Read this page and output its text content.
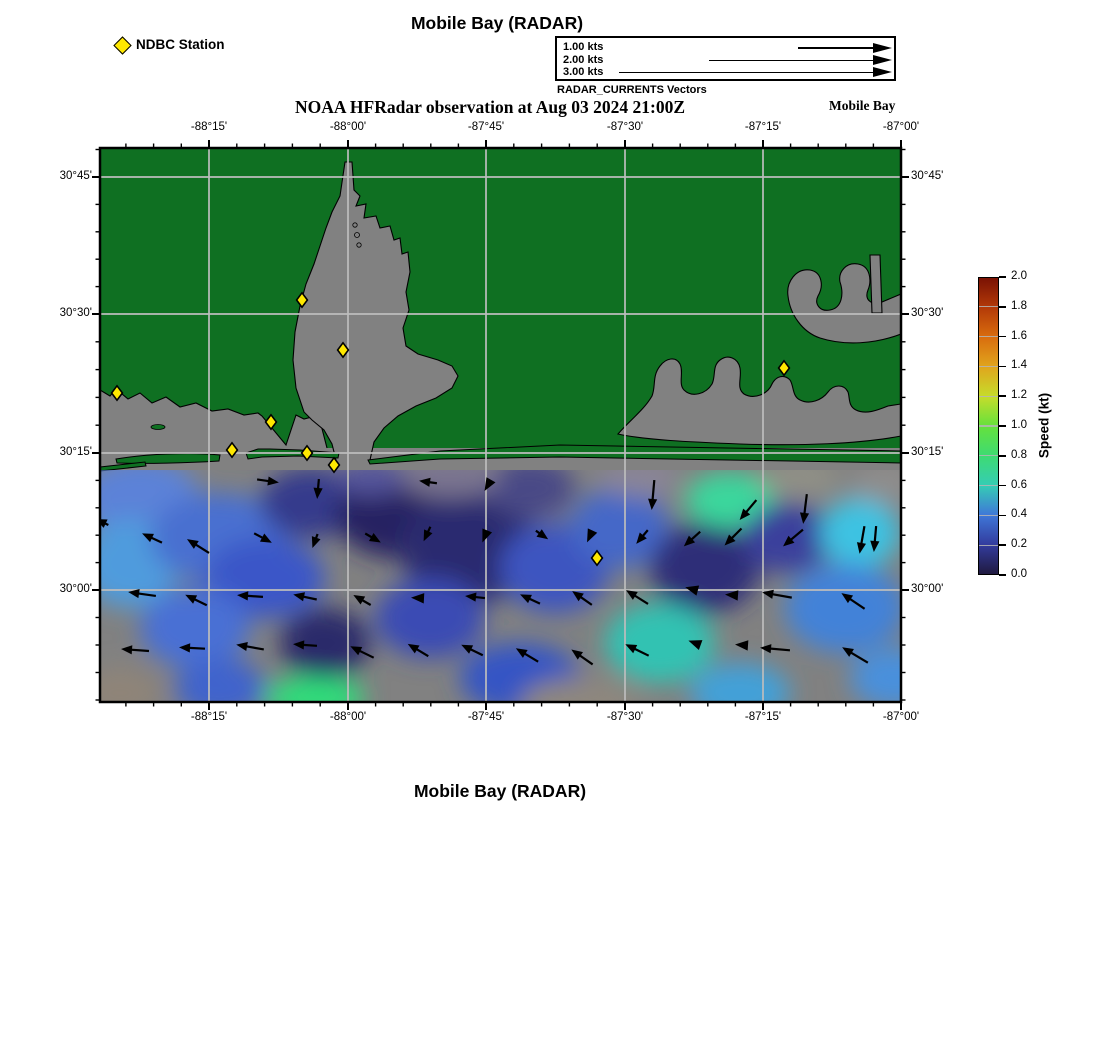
Mobile Bay (RADAR)
NDBC Station	1.00 kts
2.00 kts
3.00 kts
RADAR_CURRENTS Vectors
NOAA HFRadar observation at Aug 03 2024 21:00Z	Mobile Bay
Speed (kt)
Mobile Bay (RADAR)
-88°15'
-88°15'
-88°00'
-88°00'
-87°45'
-87°45'
-87°30'
-87°30'
-87°15'
-87°15'
-87°00'
-87°00'
30°45'	30°45'
30°30'	30°30'
30°15'	30°15'
30°00'	30°00'
2.0
1.8
1.6
1.4
1.2
1.0
0.8
0.6
0.4
0.2
0.0
